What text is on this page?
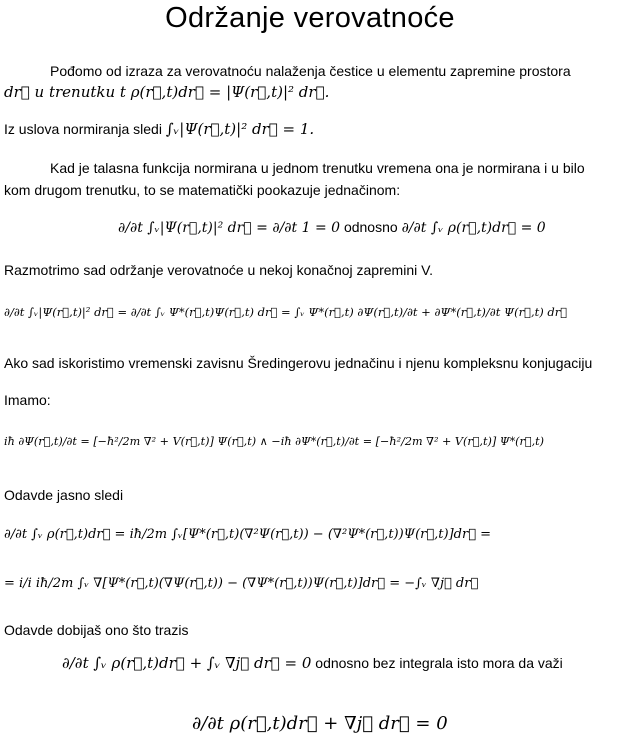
Održanje verovatnoće
Pođomo od izraza za verovatnoću nalaženja čestice u elementu zapremine prostora
dr⃗ u trenutku t ρ(r⃗,t)dr⃗ = |Ψ(r⃗,t)|² dr⃗.
Iz uslova normiranja sledi ∫ᵥ|Ψ(r⃗,t)|² dr⃗ = 1.
Kad je talasna funkcija normirana u jednom trenutku vremena ona je normirana i u bilo
kom drugom trenutku, to se matematički pookazuje jednačinom:
∂/∂t ∫ᵥ|Ψ(r⃗,t)|² dr⃗ = ∂/∂t 1 = 0 odnosno ∂/∂t ∫ᵥ ρ(r⃗,t)dr⃗ = 0
Razmotrimo sad održanje verovatnoće u nekoj konačnoj zapremini V.
∂/∂t ∫ᵥ|Ψ(r⃗,t)|² dr⃗ = ∂/∂t ∫ᵥ Ψ*(r⃗,t)Ψ(r⃗,t) dr⃗ = ∫ᵥ Ψ*(r⃗,t) ∂Ψ(r⃗,t)/∂t + ∂Ψ*(r⃗,t)/∂t Ψ(r⃗,t) dr⃗
Ako sad iskoristimo vremenski zavisnu Šredingerovu jednačinu i njenu kompleksnu konjugaciju
Imamo:
iħ ∂Ψ(r⃗,t)/∂t = [−ħ²/2m ∇² + V(r⃗,t)] Ψ(r⃗,t) ∧ −iħ ∂Ψ*(r⃗,t)/∂t = [−ħ²/2m ∇² + V(r⃗,t)] Ψ*(r⃗,t)
Odavde jasno sledi
∂/∂t ∫ᵥ ρ(r⃗,t)dr⃗ = iħ/2m ∫ᵥ[Ψ*(r⃗,t)(∇²Ψ(r⃗,t)) − (∇²Ψ*(r⃗,t))Ψ(r⃗,t)]dr⃗ =
= i/i iħ/2m ∫ᵥ ∇[Ψ*(r⃗,t)(∇Ψ(r⃗,t)) − (∇Ψ*(r⃗,t))Ψ(r⃗,t)]dr⃗ = −∫ᵥ ∇j⃗ dr⃗
Odavde dobijaš ono što trazis
∂/∂t ∫ᵥ ρ(r⃗,t)dr⃗ + ∫ᵥ ∇j⃗ dr⃗ = 0 odnosno bez integrala isto mora da važi
∂/∂t ρ(r⃗,t)dr⃗ + ∇j⃗ dr⃗ = 0
